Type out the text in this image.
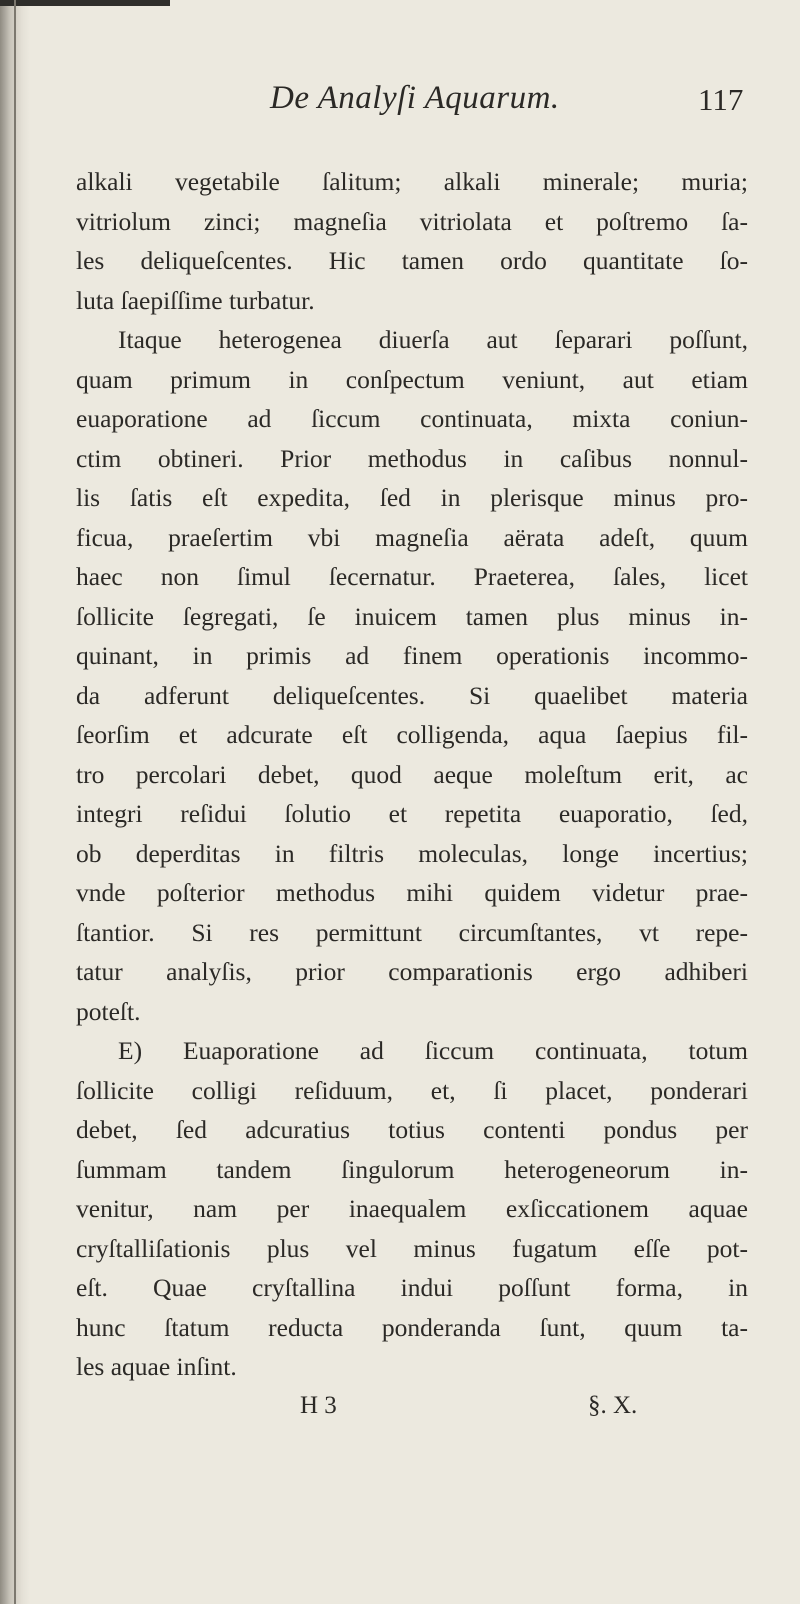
De Analyſi Aquarum.	117
alkali vegetabile ſalitum; alkali minerale; muria;
vitriolum zinci; magneſia vitriolata et poſtremo ſa-
les deliqueſcentes. Hic tamen ordo quantitate ſo-
luta ſaepiſſime turbatur.
Itaque heterogenea diuerſa aut ſeparari poſſunt,
quam primum in conſpectum veniunt, aut etiam
euaporatione ad ſiccum continuata, mixta coniun-
ctim obtineri. Prior methodus in caſibus nonnul-
lis ſatis eſt expedita, ſed in plerisque minus pro-
ficua, praeſertim vbi magneſia aërata adeſt, quum
haec non ſimul ſecernatur. Praeterea, ſales, licet
ſollicite ſegregati, ſe inuicem tamen plus minus in-
quinant, in primis ad finem operationis incommo-
da adferunt deliqueſcentes. Si quaelibet materia
ſeorſim et adcurate eſt colligenda, aqua ſaepius fil-
tro percolari debet, quod aeque moleſtum erit, ac
integri reſidui ſolutio et repetita euaporatio, ſed,
ob deperditas in filtris moleculas, longe incertius;
vnde poſterior methodus mihi quidem videtur prae-
ſtantior. Si res permittunt circumſtantes, vt repe-
tatur analyſis, prior comparationis ergo adhiberi
poteſt.
E) Euaporatione ad ſiccum continuata, totum
ſollicite colligi reſiduum, et, ſi placet, ponderari
debet, ſed adcuratius totius contenti pondus per
ſummam tandem ſingulorum heterogeneorum in-
venitur, nam per inaequalem exſiccationem aquae
cryſtalliſationis plus vel minus fugatum eſſe pot-
eſt. Quae cryſtallina indui poſſunt forma, in
hunc ſtatum reducta ponderanda ſunt, quum ta-
les aquae inſint.
H 3	§. X.
